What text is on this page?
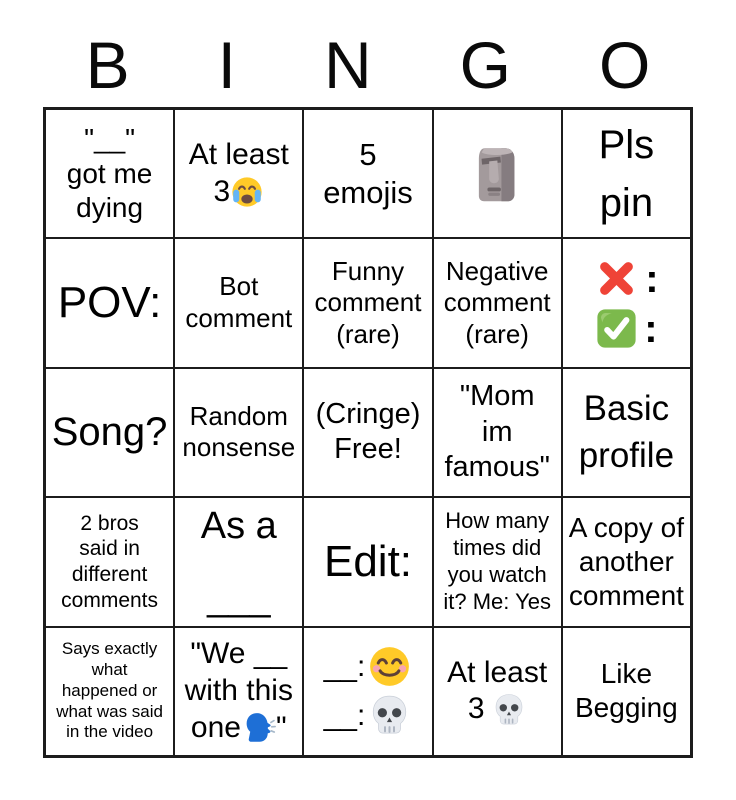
B I N G O
"__"
got me
dying
At least
3
5
emojis
Pls
pin
POV: Bot
comment
Funny
comment
(rare)
Negative
comment
(rare)
:
:
Song? Random
nonsense
(Cringe)
Free!
"Mom
im
famous"
Basic
profile
2 bros
said in
different
comments
As a
___
Edit:
How many
times did
you watch
it? Me: Yes
A copy of
another
comment
Says exactly
what
happened or
what was said
in the video
"We __
with this
one "
__:
__:
At least
3
Like
Begging
